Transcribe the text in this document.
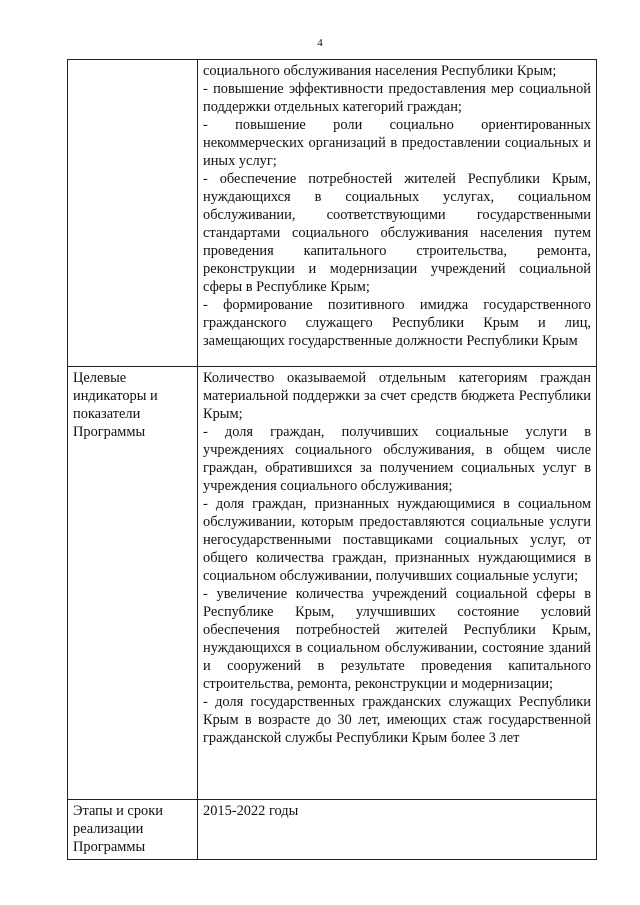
4

	социального обслуживания населения Республики Крым;
- повышение эффективности предоставления мер социальной поддержки отдельных категорий граждан;
- повышение роли социально ориентированных некоммерческих организаций в предоставлении социальных и иных услуг;
- обеспечение потребностей жителей Республики Крым, нуждающихся в социальных услугах, социальном обслуживании, соответствующими государственными стандартами социального обслуживания населения путем проведения капитального строительства, ремонта, реконструкции и модернизации учреждений социальной сферы в Республике Крым;
- формирование позитивного имиджа государственного гражданского служащего Республики Крым и лиц, замещающих государственные должности Республики Крым

Целевые индикаторы и показатели Программы	Количество оказываемой отдельным категориям граждан материальной поддержки за счет средств бюджета Республики Крым;
- доля граждан, получивших социальные услуги в учреждениях социального обслуживания, в общем числе граждан, обратившихся за получением социальных услуг в учреждения социального обслуживания;
- доля граждан, признанных нуждающимися в социальном обслуживании, которым предоставляются социальные услуги негосударственными поставщиками социальных услуг, от общего количества граждан, признанных нуждающимися в социальном обслуживании, получивших социальные услуги;
- увеличение количества учреждений социальной сферы в Республике Крым, улучшивших состояние условий обеспечения потребностей жителей Республики Крым, нуждающихся в социальном обслуживании, состояние зданий и сооружений в результате проведения капитального строительства, ремонта, реконструкции и модернизации;
- доля государственных гражданских служащих Республики Крым в возрасте до 30 лет, имеющих стаж государственной гражданской службы Республики Крым более 3 лет

Этапы и сроки реализации Программы	2015-2022 годы
